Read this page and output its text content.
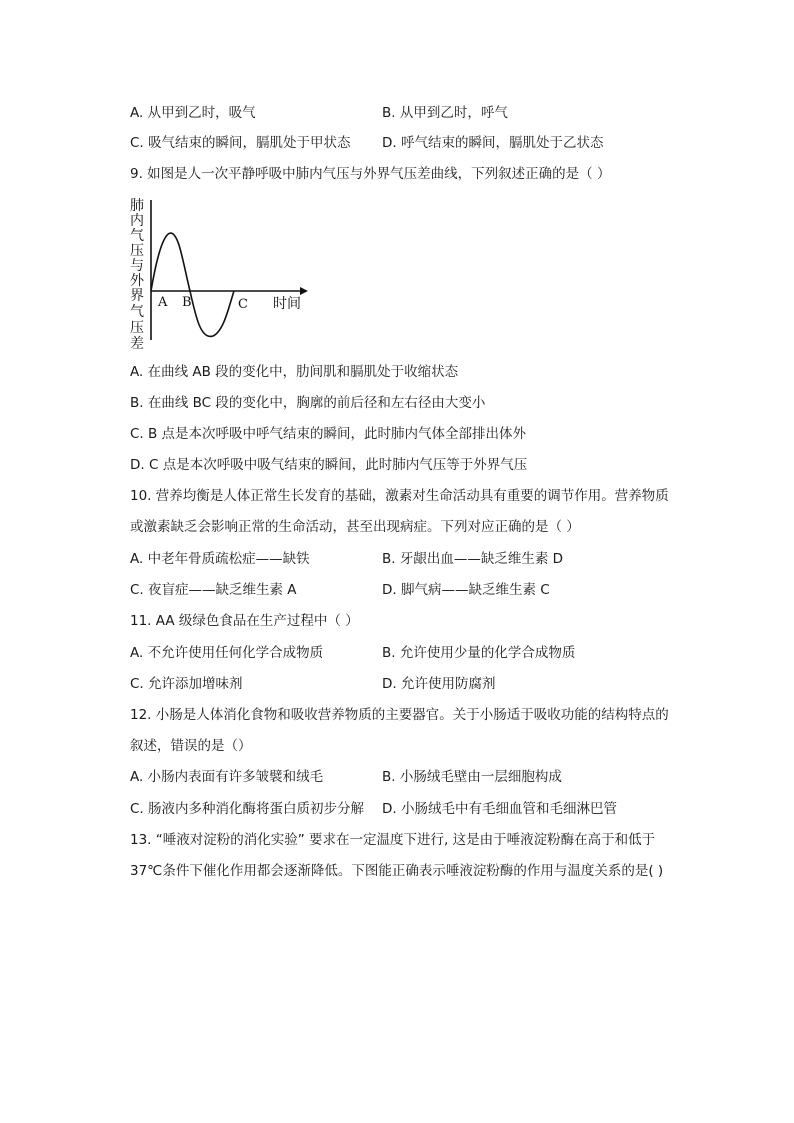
A. 从甲到乙时，吸气	B. 从甲到乙时，呼气
C. 吸气结束的瞬间，膈肌处于甲状态 D. 呼气结束的瞬间，膈肌处于乙状态
9. 如图是人一次平静呼吸中肺内气压与外界气压差曲线，下列叙述正确的是（ ）
肺
内
气
压
与
外
界
气
压
差
A B	C 时间
A. 在曲线 AB 段的变化中，肋间肌和膈肌处于收缩状态
B. 在曲线 BC 段的变化中，胸廓的前后径和左右径由大变小
C. B 点是本次呼吸中呼气结束的瞬间，此时肺内气体全部排出体外
D. C 点是本次呼吸中吸气结束的瞬间，此时肺内气压等于外界气压
10. 营养均衡是人体正常生长发育的基础，激素对生命活动具有重要的调节作用。营养物质
或激素缺乏会影响正常的生命活动，甚至出现病症。下列对应正确的是（ ）
A. 中老年骨质疏松症——缺铁	B. 牙龈出血——缺乏维生素 D
C. 夜盲症——缺乏维生素 A	D. 脚气病——缺乏维生素 C
11. AA 级绿色食品在生产过程中（ ）
A. 不允许使用任何化学合成物质	B. 允许使用少量的化学合成物质
C. 允许添加增味剂	D. 允许使用防腐剂
12. 小肠是人体消化食物和吸收营养物质的主要器官。关于小肠适于吸收功能的结构特点的
叙述，错误的是（）
A. 小肠内表面有许多皱襞和绒毛	B. 小肠绒毛壁由一层细胞构成
C. 肠液内多种消化酶将蛋白质初步分解 D. 小肠绒毛中有毛细血管和毛细淋巴管
13. “唾液对淀粉的消化实验” 要求在一定温度下进行, 这是由于唾液淀粉酶在高于和低于
37℃条件下催化作用都会逐渐降低。下图能正确表示唾液淀粉酶的作用与温度关系的是( )
